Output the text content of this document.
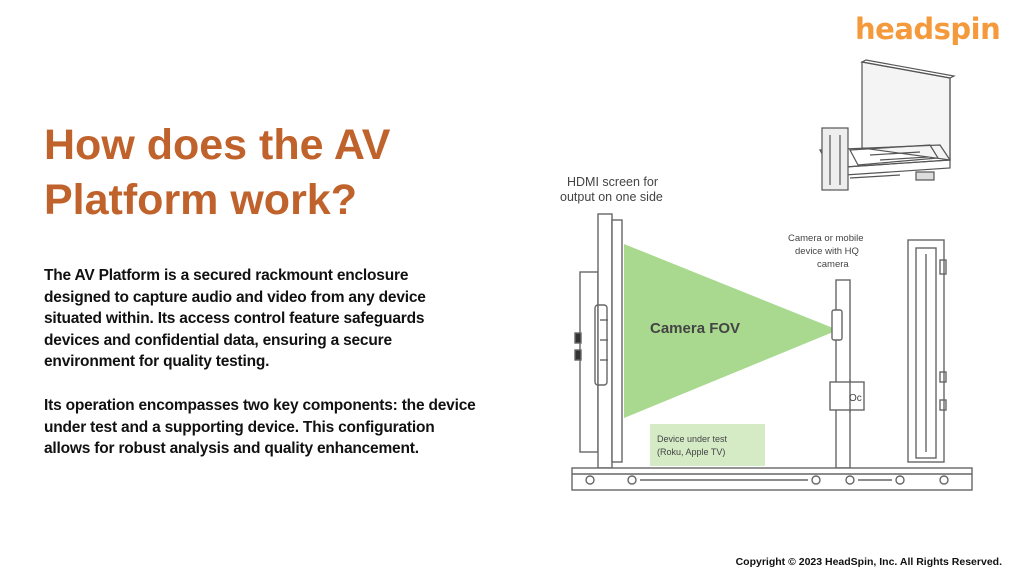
headspin
How does the AV
Platform work?

The AV Platform is a secured rackmount enclosure
designed to capture audio and video from any device
situated within. Its access control feature safeguards
devices and confidential data, ensuring a secure
environment for quality testing.

Its operation encompasses two key components: the device
under test and a supporting device. This configuration
allows for robust analysis and quality enhancement.

Camera FOV
Oc
Device under test
(Roku, Apple TV)
HDMI screen for
output on one side
Camera or mobile
device with HQ
camera
Copyright © 2023 HeadSpin, Inc. All Rights Reserved.
